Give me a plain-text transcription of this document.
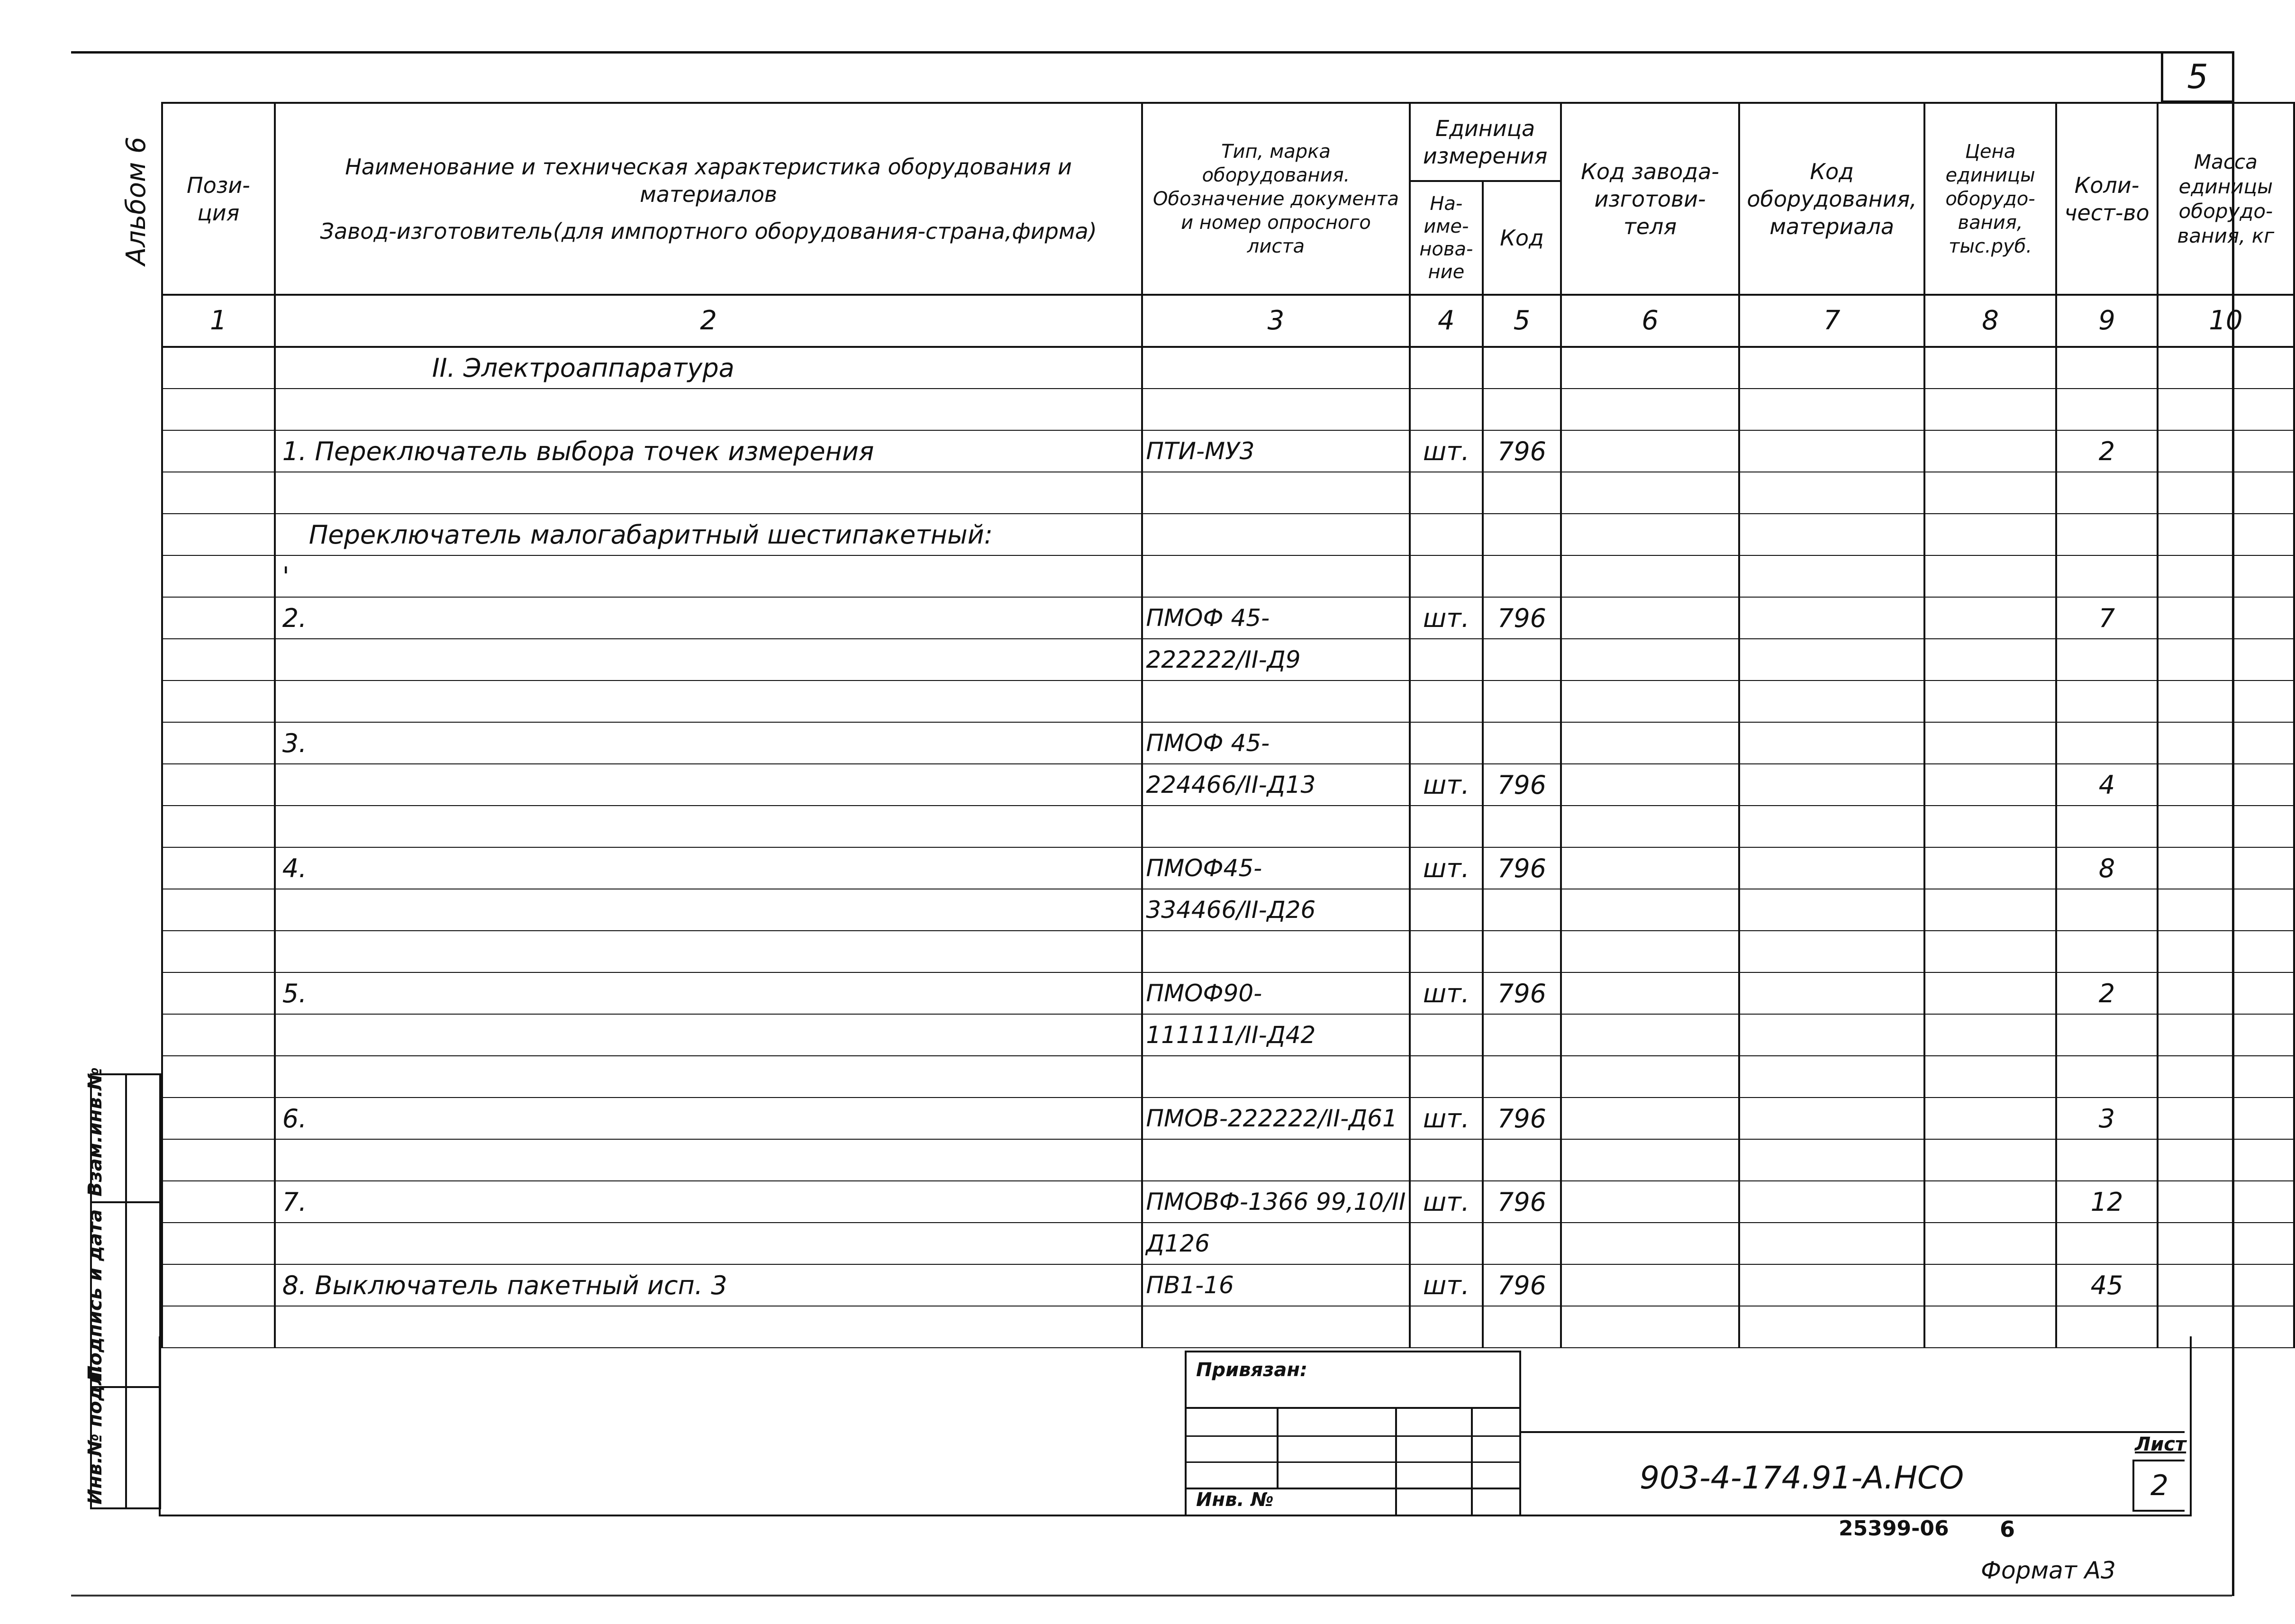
5
Альбом 6 Пози-ция	Наименование и техническая характеристика оборудования и материалов
Завод-изготовитель(для импортного оборудования-страна,фирма)	Тип, марка оборудования. Обозначение документа и номер опросного листа	Единица измерения		Код завода-изготови-теля	Код оборудования, материала	Цена единицы оборудо-вания, тыс.руб.	Коли-чест-во	Масса единицы оборудо-вания, кг
			На-име-нова-ние	Код					
1	2	3	4	5	6	7	8	9	10
	II. Электроаппаратура								

	1. Переключатель выбора точек измерения	ПТИ-МУ3	шт.	796				2	

	Переключатель малогабаритный шестипакетный:								
	'								
	2.	ПМОФ 45-	шт.	796				7	
		222222/II-Д9							

	3.	ПМОФ 45-							
		224466/II-Д13	шт.	796				4	

	4.	ПМОФ45-	шт.	796				8	
		334466/II-Д26							

	5.	ПМОФ90-	шт.	796				2	
		111111/II-Д42							

	6.	ПМОВ-222222/II-Д61	шт.	796				3	

	7.	ПМОВФ-1366 99,10/II	шт.	796				12	
		Д126							
	8. Выключатель пакетный исп. 3	ПВ1-16	шт.	796				45	

Взам.инв.№
Подпись и дата
Инв.№ подл.	Привязан:
Инв. №
903-4-174.91-А.НСО
Лист
2
25399-06 6
Формат А3
